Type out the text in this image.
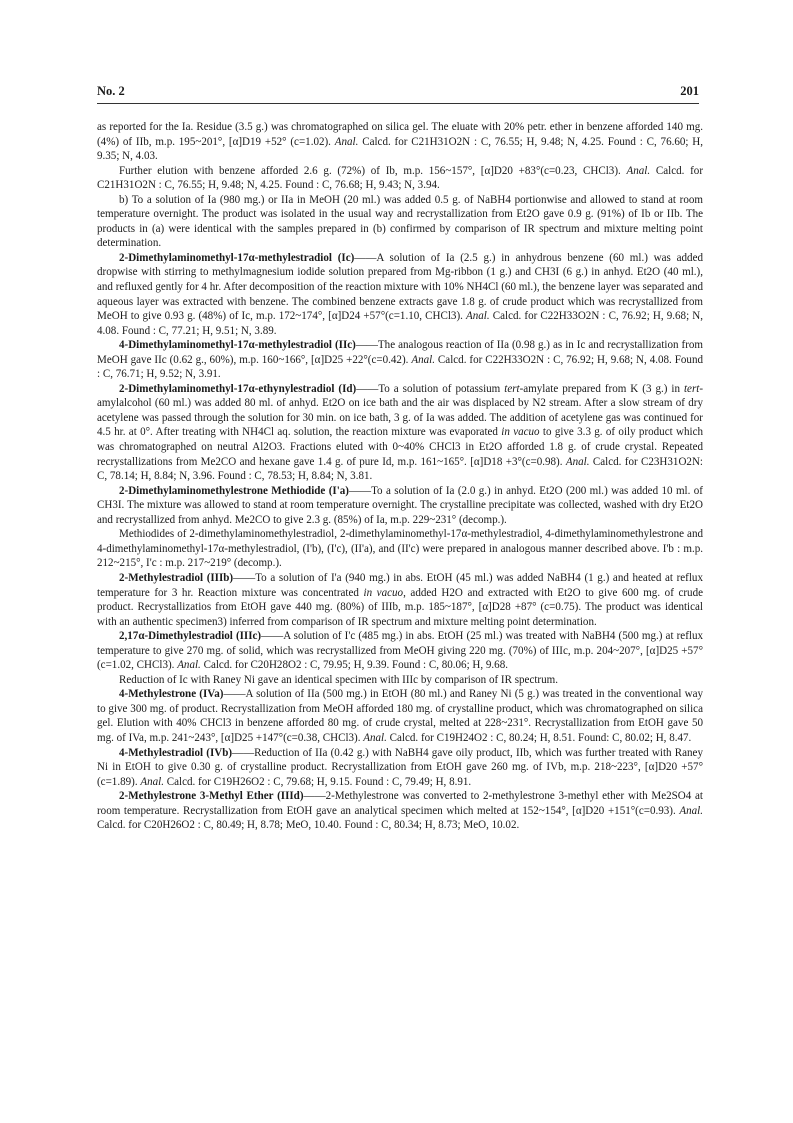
No. 2	201

as reported for the Ia. Residue (3.5 g.) was chromatographed on silica gel. The eluate with 20% petr. ether in benzene afforded 140 mg. (4%) of IIb, m.p. 195~201°, [α]D19 +52° (c=1.02). Anal. Calcd. for C21H31O2N : C, 76.55; H, 9.48; N, 4.25. Found : C, 76.60; H, 9.35; N, 4.03.

Further elution with benzene afforded 2.6 g. (72%) of Ib, m.p. 156~157°, [α]D20 +83°(c=0.23, CHCl3). Anal. Calcd. for C21H31O2N : C, 76.55; H, 9.48; N, 4.25. Found : C, 76.68; H, 9.43; N, 3.94.

b) To a solution of Ia (980 mg.) or IIa in MeOH (20 ml.) was added 0.5 g. of NaBH4 portionwise and allowed to stand at room temperature overnight. The product was isolated in the usual way and recrystallization from Et2O gave 0.9 g. (91%) of Ib or IIb. The products in (a) were identical with the samples prepared in (b) confirmed by comparison of IR spectrum and mixture melting point determination.

2-Dimethylaminomethyl-17α-methylestradiol (Ic)——A solution of Ia (2.5 g.) in anhydrous benzene (60 ml.) was added dropwise with stirring to methylmagnesium iodide solution prepared from Mg-ribbon (1 g.) and CH3I (6 g.) in anhyd. Et2O (40 ml.), and refluxed gently for 4 hr. After decomposition of the reaction mixture with 10% NH4Cl (60 ml.), the benzene layer was separated and aqueous layer was extracted with benzene. The combined benzene extracts gave 1.8 g. of crude product which was recrystallized from MeOH to give 0.93 g. (48%) of Ic, m.p. 172~174°, [α]D24 +57°(c=1.10, CHCl3). Anal. Calcd. for C22H33O2N : C, 76.92; H, 9.68; N, 4.08. Found : C, 77.21; H, 9.51; N, 3.89.

4-Dimethylaminomethyl-17α-methylestradiol (IIc)——The analogous reaction of IIa (0.98 g.) as in Ic and recrystallization from MeOH gave IIc (0.62 g., 60%), m.p. 160~166°, [α]D25 +22°(c=0.42). Anal. Calcd. for C22H33O2N : C, 76.92; H, 9.68; N, 4.08. Found : C, 76.71; H, 9.52; N, 3.91.

2-Dimethylaminomethyl-17α-ethynylestradiol (Id)——To a solution of potassium tert-amylate prepared from K (3 g.) in tert-amylalcohol (60 ml.) was added 80 ml. of anhyd. Et2O on ice bath and the air was displaced by N2 stream. After a slow stream of dry acetylene was passed through the solution for 30 min. on ice bath, 3 g. of Ia was added. The addition of acetylene gas was continued for 4.5 hr. at 0°. After treating with NH4Cl aq. solution, the reaction mixture was evaporated in vacuo to give 3.3 g. of oily product which was chromatographed on neutral Al2O3. Fractions eluted with 0~40% CHCl3 in Et2O afforded 1.8 g. of crude crystal. Repeated recrystallizations from Me2CO and hexane gave 1.4 g. of pure Id, m.p. 161~165°. [α]D18 +3°(c=0.98). Anal. Calcd. for C23H31O2N: C, 78.14; H, 8.84; N, 3.96. Found : C, 78.53; H, 8.84; N, 3.81.

2-Dimethylaminomethylestrone Methiodide (I'a)——To a solution of Ia (2.0 g.) in anhyd. Et2O (200 ml.) was added 10 ml. of CH3I. The mixture was allowed to stand at room temperature overnight. The crystalline precipitate was collected, washed with dry Et2O and recrystallized from anhyd. Me2CO to give 2.3 g. (85%) of Ia, m.p. 229~231° (decomp.).

Methiodides of 2-dimethylaminomethylestradiol, 2-dimethylaminomethyl-17α-methylestradiol, 4-dimethylaminomethylestrone and 4-dimethylaminomethyl-17α-methylestradiol, (I'b), (I'c), (II'a), and (II'c) were prepared in analogous manner described above. I'b : m.p. 212~215°, I'c : m.p. 217~219° (decomp.).

2-Methylestradiol (IIIb)——To a solution of I'a (940 mg.) in abs. EtOH (45 ml.) was added NaBH4 (1 g.) and heated at reflux temperature for 3 hr. Reaction mixture was concentrated in vacuo, added H2O and extracted with Et2O to give 600 mg. of crude product. Recrystallizatios from EtOH gave 440 mg. (80%) of IIIb, m.p. 185~187°, [α]D28 +87° (c=0.75). The product was identical with an authentic specimen3) inferred from comparison of IR spectrum and mixture melting point determination.

2,17α-Dimethylestradiol (IIIc)——A solution of I'c (485 mg.) in abs. EtOH (25 ml.) was treated with NaBH4 (500 mg.) at reflux temperature to give 270 mg. of solid, which was recrystallized from MeOH giving 220 mg. (70%) of IIIc, m.p. 204~207°, [α]D25 +57°(c=1.02, CHCl3). Anal. Calcd. for C20H28O2 : C, 79.95; H, 9.39. Found : C, 80.06; H, 9.68.

Reduction of Ic with Raney Ni gave an identical specimen with IIIc by comparison of IR spectrum.

4-Methylestrone (IVa)——A solution of IIa (500 mg.) in EtOH (80 ml.) and Raney Ni (5 g.) was treated in the conventional way to give 300 mg. of product. Recrystallization from MeOH afforded 180 mg. of crystalline product, which was chromatographed on silica gel. Elution with 40% CHCl3 in benzene afforded 80 mg. of crude crystal, melted at 228~231°. Recrystallization from EtOH gave 50 mg. of IVa, m.p. 241~243°, [α]D25 +147°(c=0.38, CHCl3). Anal. Calcd. for C19H24O2 : C, 80.24; H, 8.51. Found: C, 80.02; H, 8.47.

4-Methylestradiol (IVb)——Reduction of IIa (0.42 g.) with NaBH4 gave oily product, IIb, which was further treated with Raney Ni in EtOH to give 0.30 g. of crystalline product. Recrystallization from EtOH gave 260 mg. of IVb, m.p. 218~223°, [α]D20 +57°(c=1.89). Anal. Calcd. for C19H26O2 : C, 79.68; H, 9.15. Found : C, 79.49; H, 8.91.

2-Methylestrone 3-Methyl Ether (IIId)——2-Methylestrone was converted to 2-methylestrone 3-methyl ether with Me2SO4 at room temperature. Recrystallization from EtOH gave an analytical specimen which melted at 152~154°, [α]D20 +151°(c=0.93). Anal. Calcd. for C20H26O2 : C, 80.49; H, 8.78; MeO, 10.40. Found : C, 80.34; H, 8.73; MeO, 10.02.
